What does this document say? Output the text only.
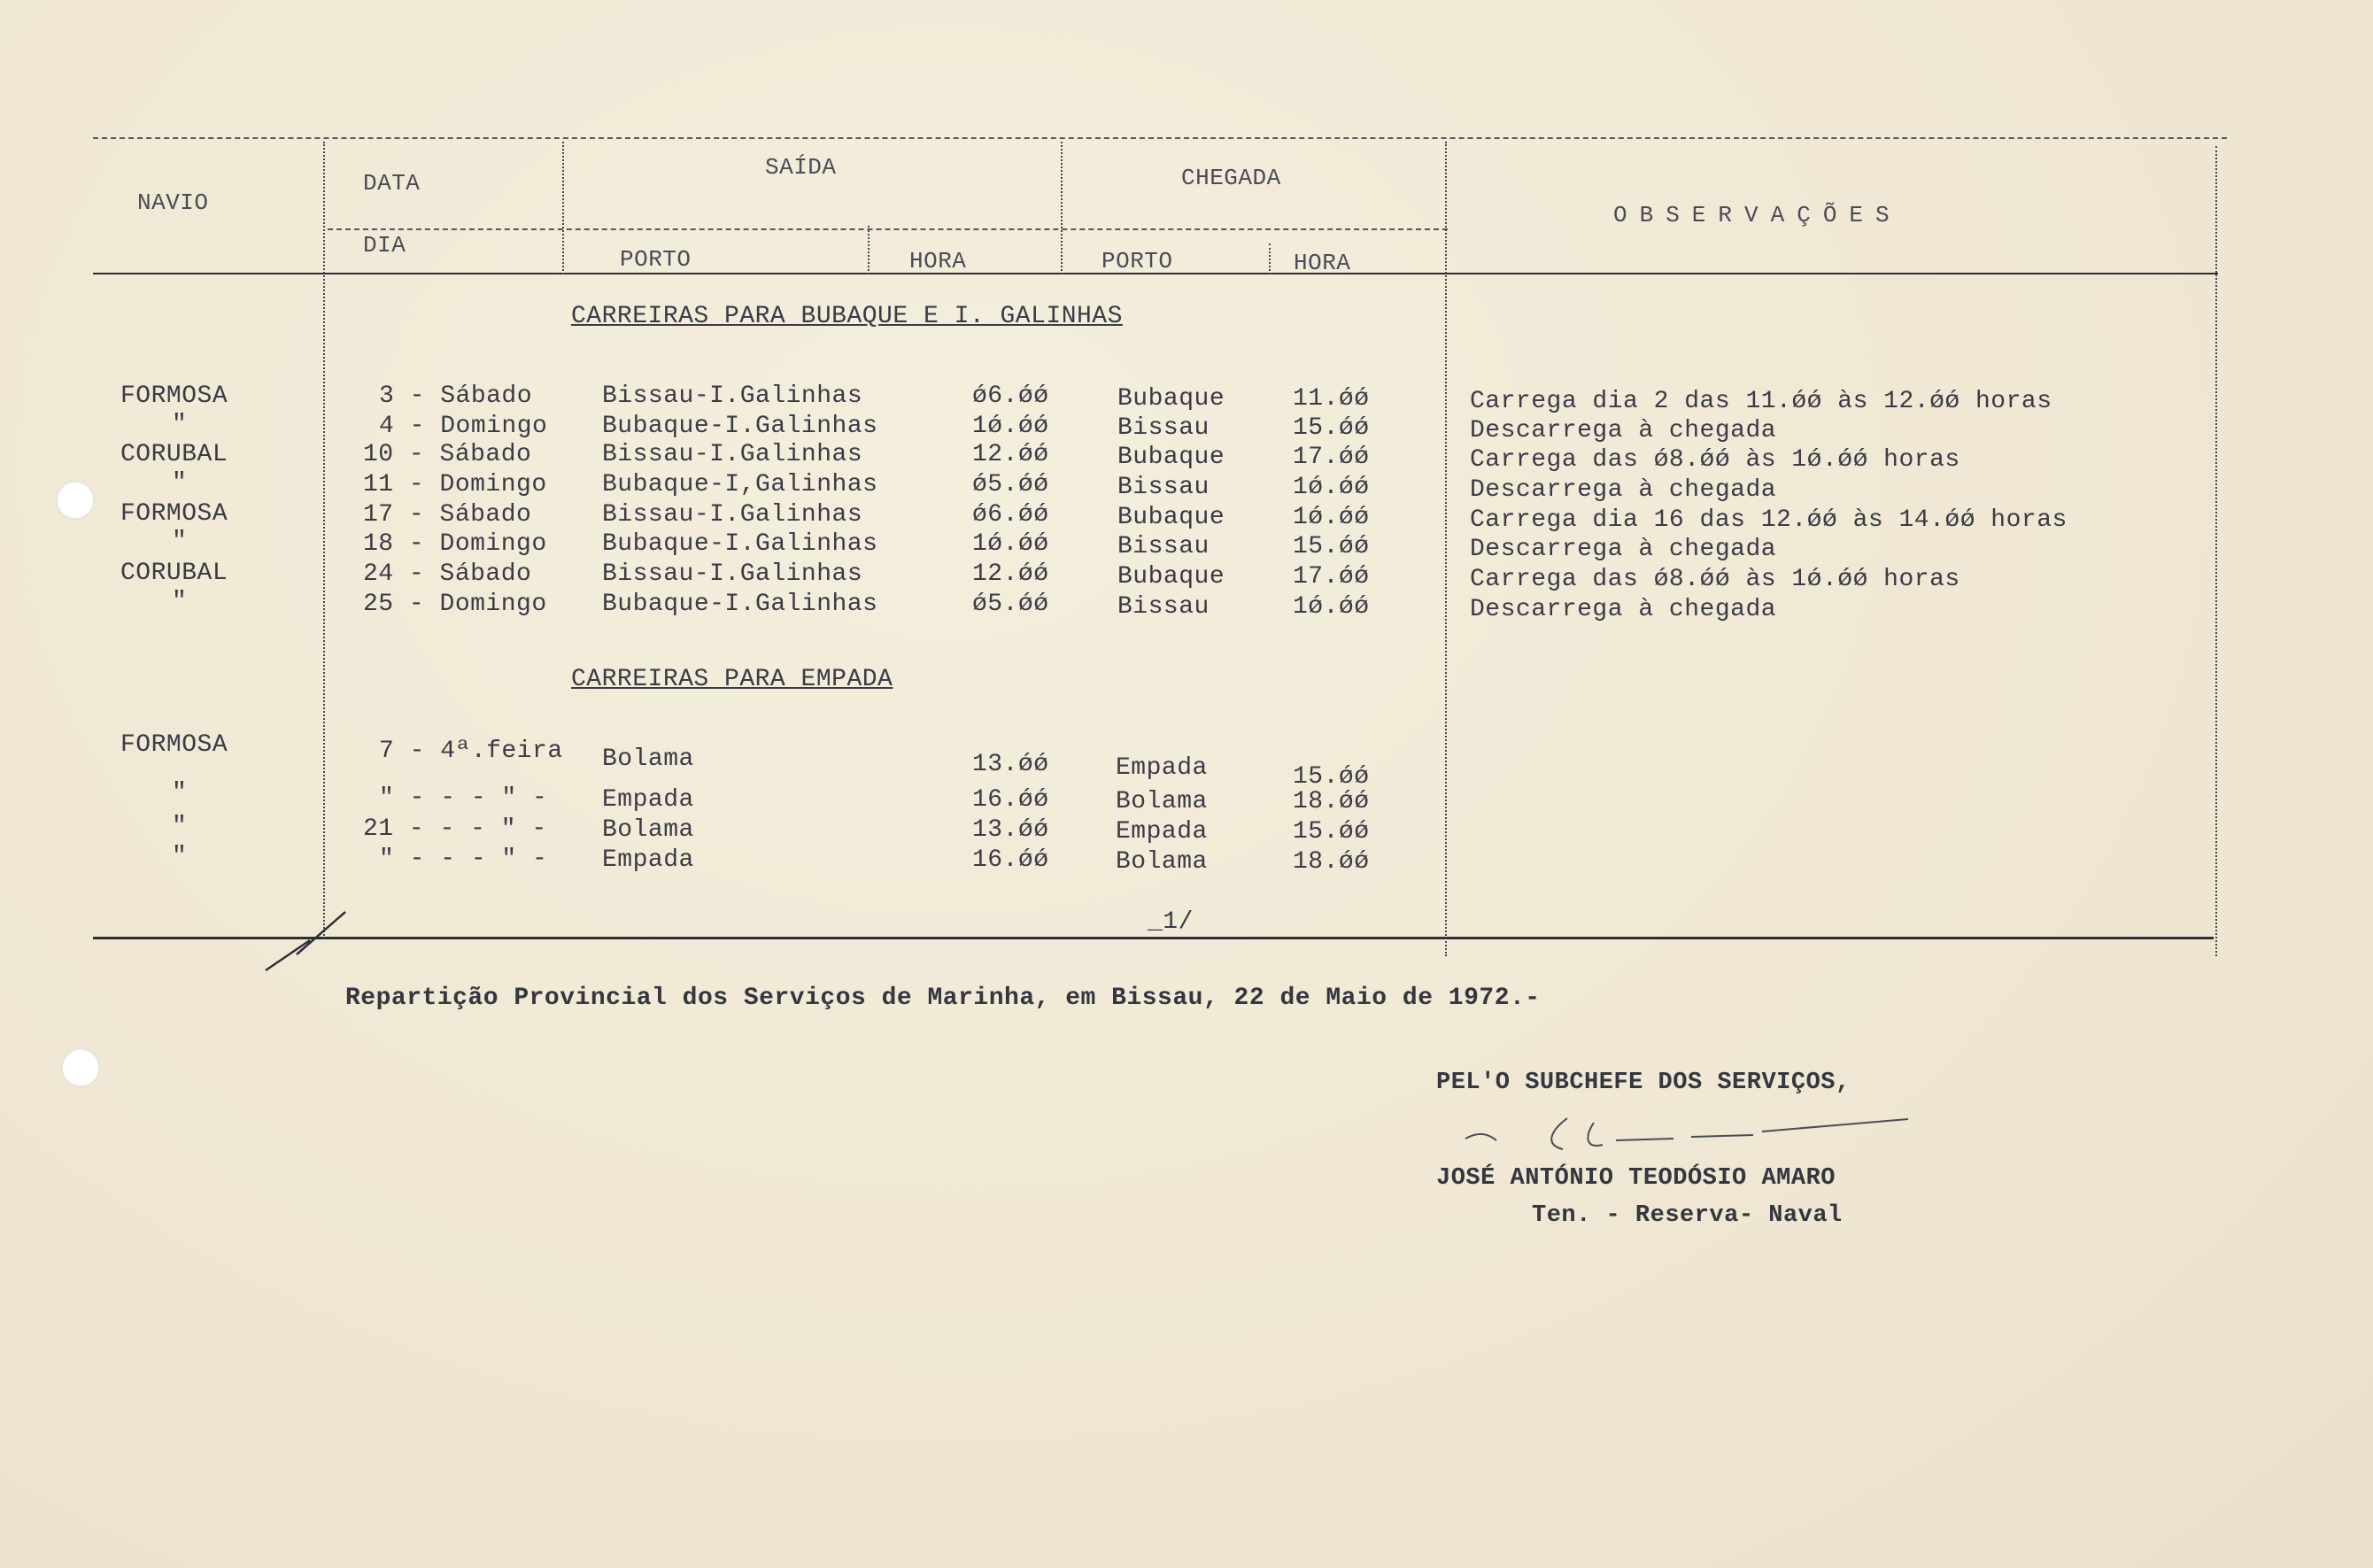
NAVIO
DATA
DIA
SAÍDA	CHEGADA
PORTO	HORA	PORTO	HORA
OBSERVAÇÕES
CARREIRAS PARA BUBAQUE E I. GALINHAS
FORMOSA	3 - Sábado	Bissau-I.Galinhas	ǿ6.ǿǿ	Bubaque	11.ǿǿ	Carrega dia 2 das 11.ǿǿ às 12.ǿǿ horas
"	4 - Domingo Bubaque-I.Galinhas	1ǿ.ǿǿ	Bissau	15.ǿǿ	Descarrega à chegada
CORUBAL	10 - Sábado	Bissau-I.Galinhas	12.ǿǿ	Bubaque	17.ǿǿ	Carrega das ǿ8.ǿǿ às 1ǿ.ǿǿ horas
"	11 - Domingo Bubaque-I,Galinhas	ǿ5.ǿǿ	Bissau	1ǿ.ǿǿ	Descarrega à chegada
FORMOSA	17 - Sábado	Bissau-I.Galinhas	ǿ6.ǿǿ	Bubaque	1ǿ.ǿǿ	Carrega dia 16 das 12.ǿǿ às 14.ǿǿ horas
"	18 - Domingo Bubaque-I.Galinhas	1ǿ.ǿǿ	Bissau	15.ǿǿ	Descarrega à chegada
CORUBAL	24 - Sábado	Bissau-I.Galinhas	12.ǿǿ	Bubaque	17.ǿǿ	Carrega das ǿ8.ǿǿ às 1ǿ.ǿǿ horas
"	25 - Domingo Bubaque-I.Galinhas	ǿ5.ǿǿ	Bissau	1ǿ.ǿǿ	Descarrega à chegada
CARREIRAS PARA EMPADA
FORMOSA	7 - 4ª.feira Bolama	13.ǿǿ	Empada	15.ǿǿ
"	" - - - " - Empada	16.ǿǿ	Bolama	18.ǿǿ
"	21 - - - " - Bolama	13.ǿǿ	Empada	15.ǿǿ
"	" - - - " - Empada	16.ǿǿ	Bolama	18.ǿǿ
_1/
Repartição Provincial dos Serviços de Marinha, em Bissau, 22 de Maio de 1972.-
PEL'O SUBCHEFE DOS SERVIÇOS,
JOSÉ ANTÓNIO TEODÓSIO AMARO
Ten. - Reserva- Naval
